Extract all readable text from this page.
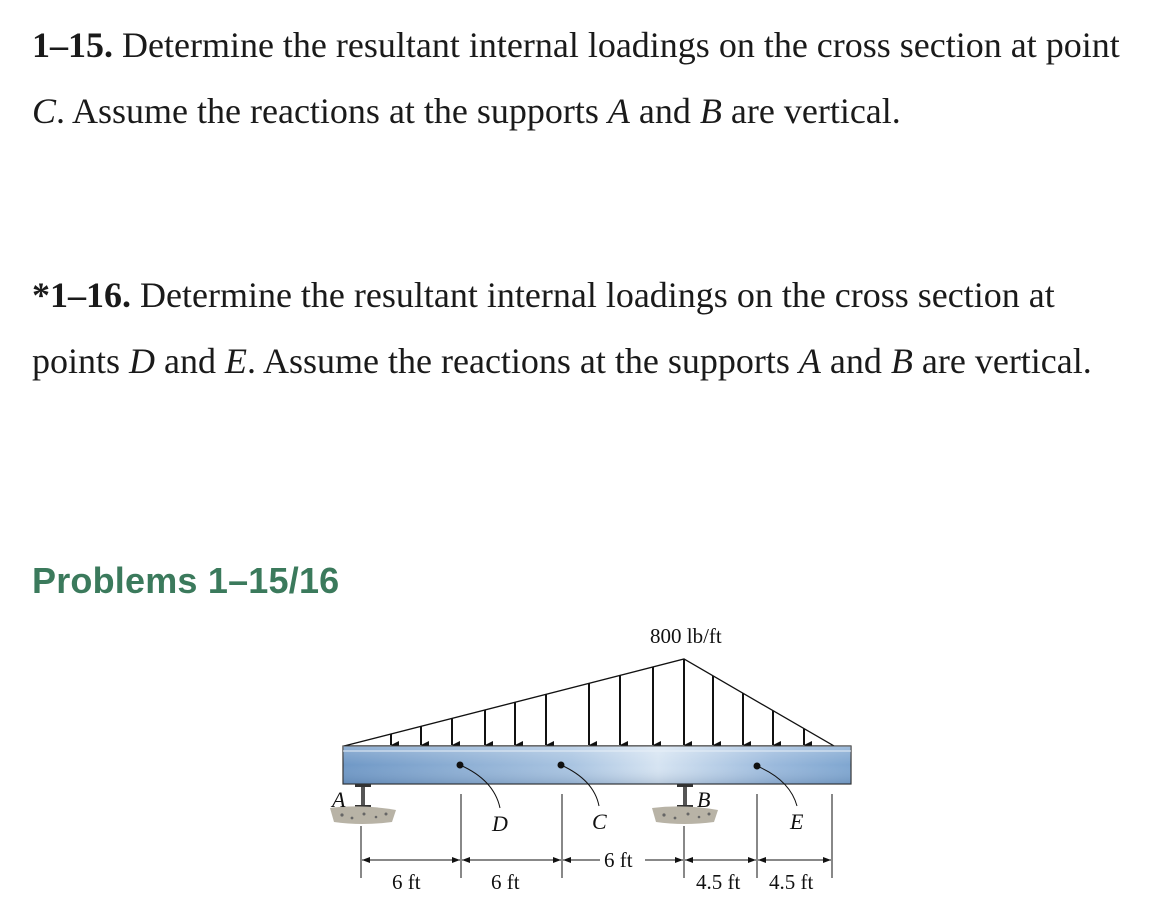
1–15. Determine the resultant internal loadings on the cross section at point C. Assume the reactions at the supports A and B are vertical.
*1–16. Determine the resultant internal loadings on the cross section at points D and E. Assume the reactions at the supports A and B are vertical.
Problems 1–15/16
800 lb/ft
A	B
D	C	E
6 ft	6 ft
6 ft
4.5 ft 4.5 ft
